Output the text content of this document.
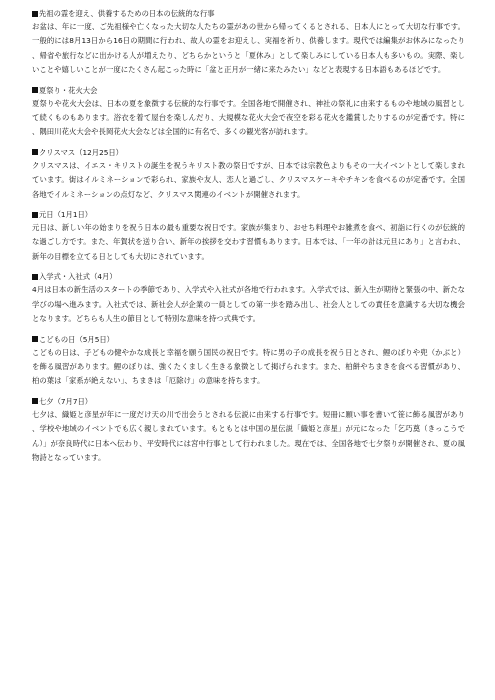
先祖の霊を迎え、供養するための日本の伝統的な行事
お盆は、年に一度、ご先祖様や亡くなった大切な人たちの霊があの世から帰ってくるとされる、日本人にとって大切な行事です。一般的には8月13日から16日の期間に行われ、故人の霊をお迎えし、実福を祈り、供養します。現代では編集がお休みになったり、帰省や旅行などに出かける人が増えたり、どちらかというと「夏休み」として楽しみにしている日本人も多いもの。実際、楽しいことや嬉しいことが一度にたくさん起こった時に「盆と正月が一緒に来たみたい」などと表現する日本語もあるほどです。
夏祭り・花火大会
夏祭りや花火大会は、日本の夏を象徴する伝統的な行事です。全国各地で開催され、神社の祭礼に由来するものや地域の風習として続くものもあります。浴衣を着て屋台を楽しんだり、大規模な花火大会で夜空を彩る花火を鑑賞したりするのが定番です。特に、隅田川花火大会や長岡花火大会などは全国的に有名で、多くの観光客が訪れます。
クリスマス（12月25日）
クリスマスは、イエス・キリストの誕生を祝うキリスト教の祭日ですが、日本では宗教色よりもその一大イベントとして楽しまれています。街はイルミネーションで彩られ、家族や友人、恋人と過ごし、クリスマスケーキやチキンを食べるのが定番です。全国各地でイルミネーションの点灯など、クリスマス関連のイベントが開催されます。
元日（1月1日）
元日は、新しい年の始まりを祝う日本の最も重要な祝日です。家族が集まり、おせち料理やお雑煮を食べ、初詣に行くのが伝統的な過ごし方です。また、年賀状を送り合い、新年の挨拶を交わす習慣もあります。日本では、「一年の計は元旦にあり」と言われ、新年の目標を立てる日としても大切にされています。
入学式・入社式（4月）
4月は日本の新生活のスタートの季節であり、入学式や入社式が各地で行われます。入学式では、新入生が期待と緊張の中、新たな学びの場へ進みます。入社式では、新社会人が企業の一員としての第一歩を踏み出し、社会人としての責任を意識する大切な機会となります。どちらも人生の節目として特別な意味を持つ式典です。
こどもの日（5月5日）
こどもの日は、子どもの健やかな成長と幸福を願う国民の祝日です。特に男の子の成長を祝う日とされ、鯉のぼりや兜（かぶと）を飾る風習があります。鯉のぼりは、強くたくましく生きる象徴として掲げられます。また、柏餅やちまきを食べる習慣があり、柏の葉は「家系が絶えない」、ちまきは「厄除け」の意味を持ちます。
七夕（7月7日）
七夕は、織姫と彦星が年に一度だけ天の川で出会うとされる伝説に由来する行事です。短冊に願い事を書いて笹に飾る風習があり、学校や地域のイベントでも広く親しまれています。もともとは中国の星伝説「織姫と彦星」が元になった「乞巧奠（きっこうでん）」が奈良時代に日本へ伝わり、平安時代には宮中行事として行われました。現在では、全国各地で七夕祭りが開催され、夏の風物詩となっています。
